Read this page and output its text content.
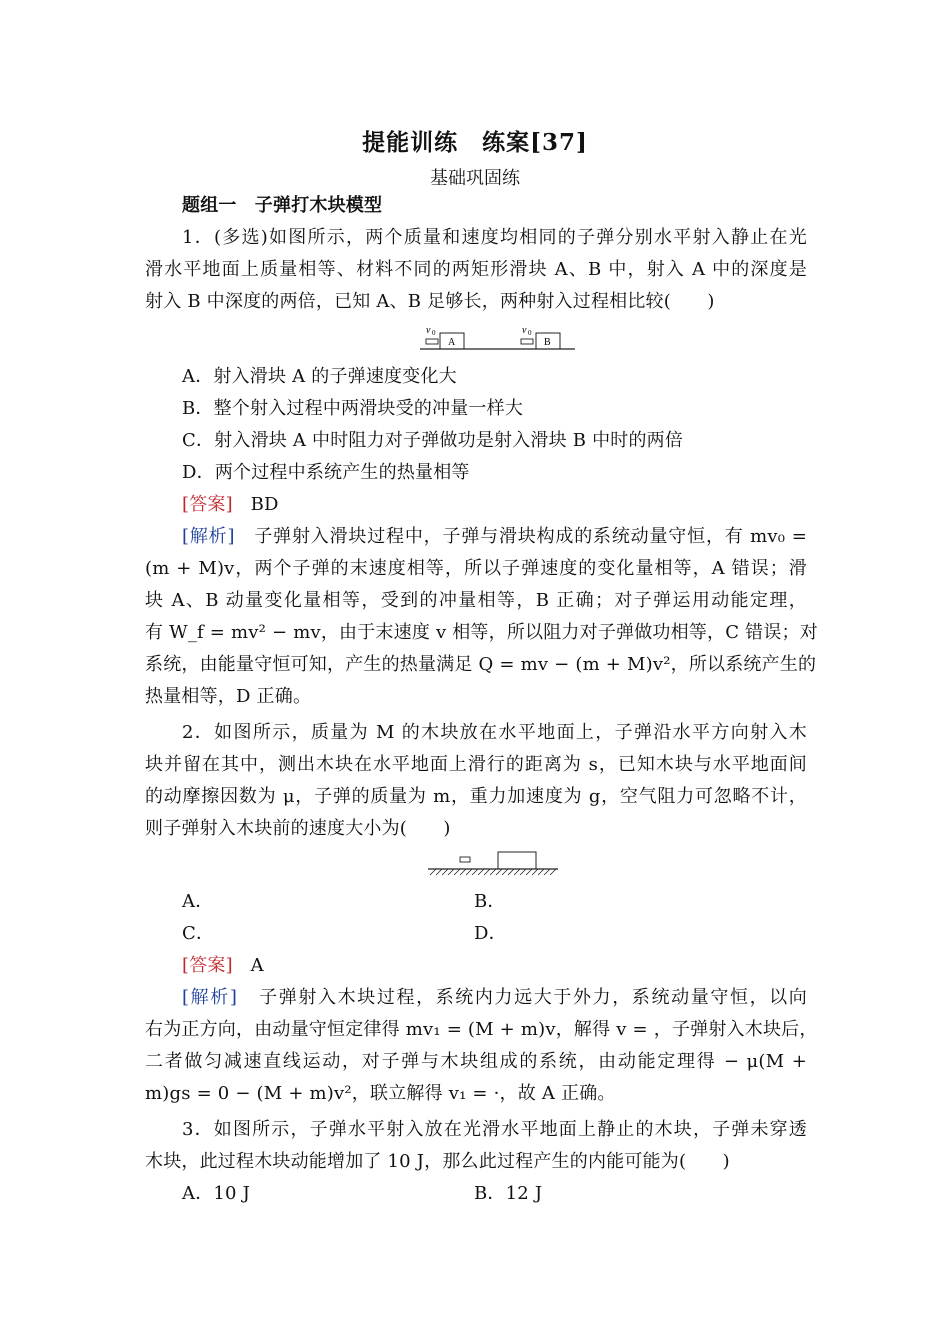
提能训练　练案[37]
基础巩固练
题组一　子弹打木块模型
1．(多选)如图所示，两个质量和速度均相同的子弹分别水平射入静止在光
滑水平地面上质量相等、材料不同的两矩形滑块 A、B 中，射入 A 中的深度是
射入 B 中深度的两倍，已知 A、B 足够长，两种射入过程相比较(　　)
v 0
A
v 0
B
A．射入滑块 A 的子弹速度变化大
B．整个射入过程中两滑块受的冲量一样大
C．射入滑块 A 中时阻力对子弹做功是射入滑块 B 中时的两倍
D．两个过程中系统产生的热量相等
[答案] BD
[解析] 子弹射入滑块过程中，子弹与滑块构成的系统动量守恒，有 mv₀ =
(m + M)v，两个子弹的末速度相等，所以子弹速度的变化量相等，A 错误；滑
块 A、B 动量变化量相等，受到的冲量相等，B 正确；对子弹运用动能定理，
有 W_f = mv² − mv，由于末速度 v 相等，所以阻力对子弹做功相等，C 错误；对
系统，由能量守恒可知，产生的热量满足 Q = mv − (m + M)v²，所以系统产生的
热量相等，D 正确。
2．如图所示，质量为 M 的木块放在水平地面上，子弹沿水平方向射入木
块并留在其中，测出木块在水平地面上滑行的距离为 s，已知木块与水平地面间
的动摩擦因数为 μ，子弹的质量为 m，重力加速度为 g，空气阻力可忽略不计，
则子弹射入木块前的速度大小为(　　)
A．	B．
C．	D．
[答案] A
[解析] 子弹射入木块过程，系统内力远大于外力，系统动量守恒，以向
右为正方向，由动量守恒定律得 mv₁ = (M + m)v，解得 v = ，子弹射入木块后，
二者做匀减速直线运动，对子弹与木块组成的系统，由动能定理得 − μ(M +
m)gs = 0 − (M + m)v²，联立解得 v₁ = ·，故 A 正确。
3．如图所示，子弹水平射入放在光滑水平地面上静止的木块，子弹未穿透
木块，此过程木块动能增加了 10 J，那么此过程产生的内能可能为(　　)
A．10 J	B．12 J
